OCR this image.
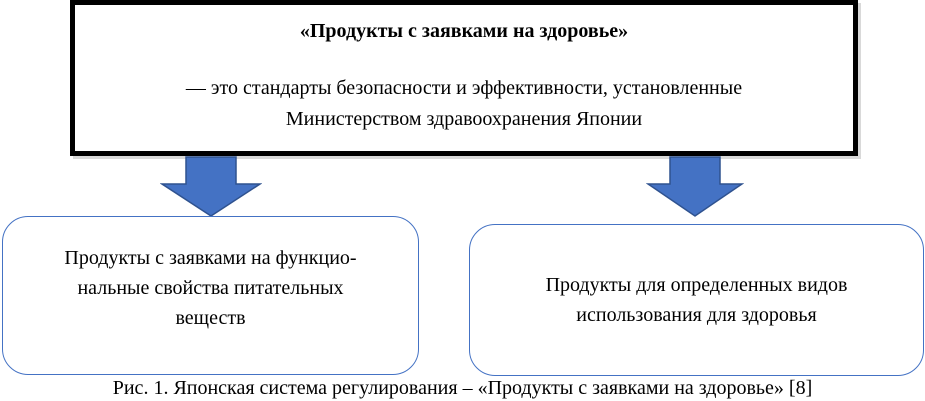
«Продукты с заявками на здоровье»
— это стандарты безопасности и эффективности, установленные
Министерством здравоохранения Японии
Продукты с заявками на функцио-
нальные свойства питательных
веществ
Продукты для определенных видов
использования для здоровья
Рис. 1. Японская система регулирования – «Продукты с заявками на здоровье» [8]
